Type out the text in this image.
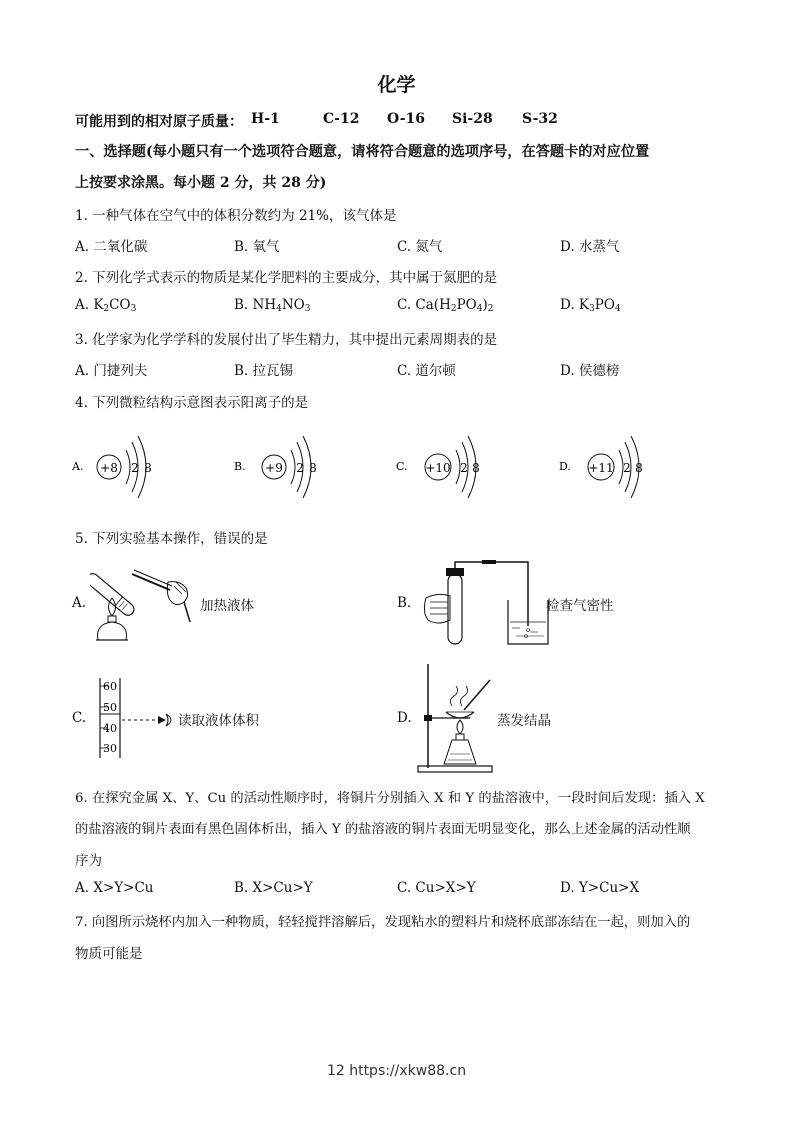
化学
可能用到的相对原子质量： H-1	C-12 O-16 Si-28 S-32
一、选择题(每小题只有一个选项符合题意，请将符合题意的选项序号，在答题卡的对应位置
上按要求涂黑。每小题 2 分，共 28 分)
1. 一种气体在空气中的体积分数约为 21%，该气体是
A. 二氧化碳	B. 氧气	C. 氮气	D. 水蒸气
2. 下列化学式表示的物质是某化学肥料的主要成分，其中属于氮肥的是
A. $K_2CO_3$	B. $NH_4NO_3$	C. $Ca(H_2PO_4)_2$	D. $K_3PO_4$
3. 化学家为化学学科的发展付出了毕生精力，其中提出元素周期表的是
A. 门捷列夫	B. 拉瓦锡	C. 道尔顿	D. 侯德榜
4. 下列微粒结构示意图表示阳离子的是
A. +8 2 8	B. +9 2 8	C. +10 2 8	D. +11 2 8
5. 下列实验基本操作，错误的是
A.	加热液体	B.	检查气密性
C.
60
50
40
30
读取液体体积	D.	蒸发结晶
6. 在探究金属 X、Y、Cu 的活动性顺序时，将铜片分别插入 X 和 Y 的盐溶液中，一段时间后发现：插入 X
的盐溶液的铜片表面有黑色固体析出，插入 Y 的盐溶液的铜片表面无明显变化，那么上述金属的活动性顺
序为
A. X>Y>Cu	B. X>Cu>Y	C. Cu>X>Y	D. Y>Cu>X
7. 向图所示烧杯内加入一种物质，轻轻搅拌溶解后，发现粘水的塑料片和烧杯底部冻结在一起，则加入的
物质可能是
12 https://xkw88.cn
